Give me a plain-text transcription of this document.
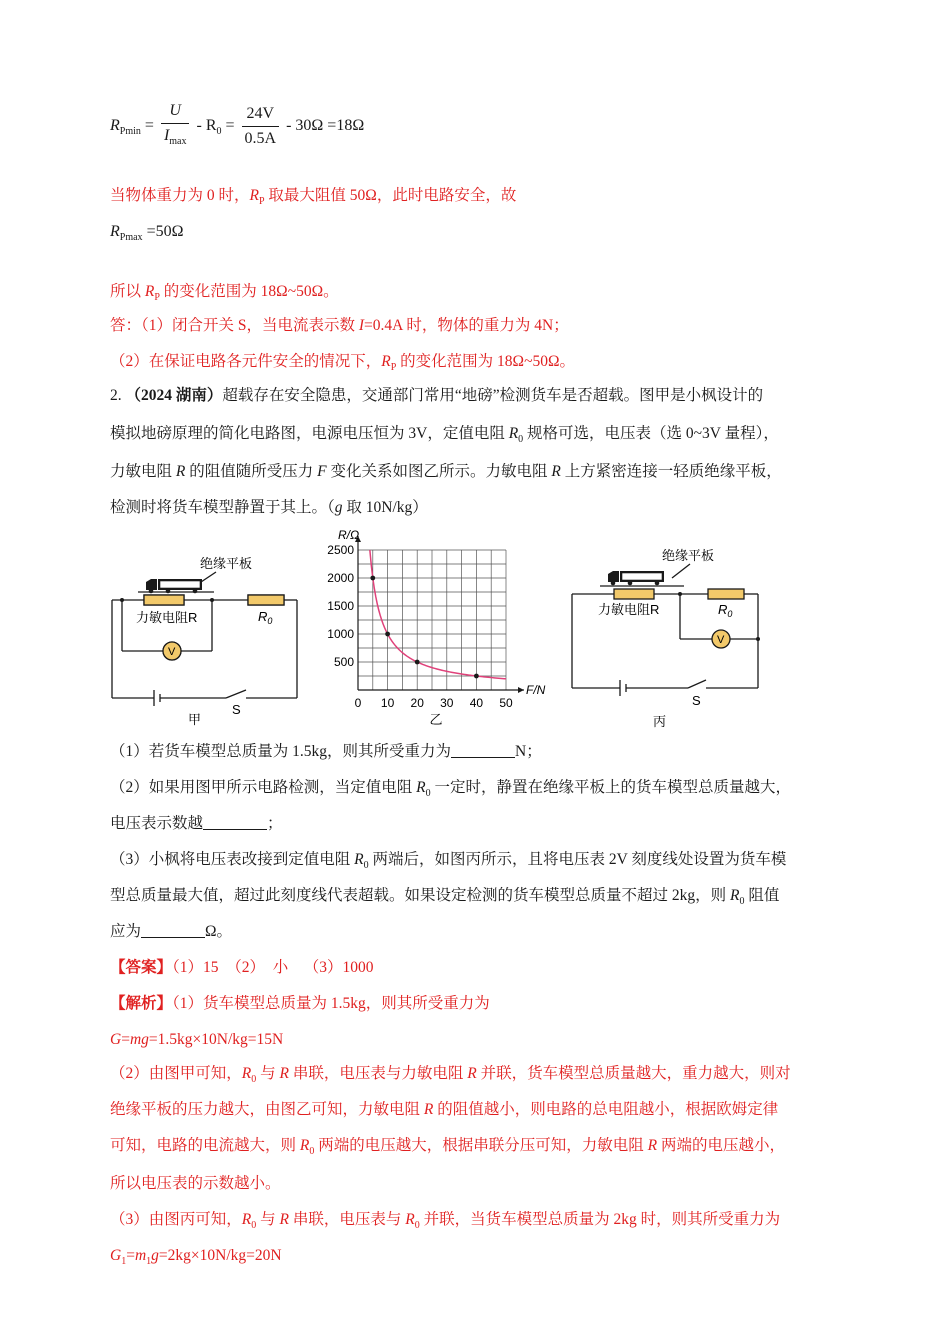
$R_{Pmin} = \frac{U}{I_{max}} - R_0 = \frac{24V}{0.5A} - 30\Omega =18\Omega$
当物体重力为 0 时，$R_P$ 取最大阻值 50Ω，此时电路安全，故
$R_{Pmax} =50\Omega$
所以 $R_P$ 的变化范围为 18Ω~50Ω。
答：（1）闭合开关 S，当电流表示数 I=0.4A 时，物体的重力为 4N；
（2）在保证电路各元件安全的情况下，$R_P$ 的变化范围为 18Ω~50Ω。
2. （2024 湖南）超载存在安全隐患，交通部门常用“地磅”检测货车是否超载。图甲是小枫设计的
模拟地磅原理的简化电路图，电源电压恒为 3V，定值电阻 $R_0$ 规格可选，电压表（选 0~3V 量程），
力敏电阻 R 的阻值随所受压力 F 变化关系如图乙所示。力敏电阻 R 上方紧密连接一轻质绝缘平板，
检测时将货车模型静置于其上。（g 取 10N/kg）
绝缘平板
力敏电阻R	$R_0$
V
S
甲
0 10 20 30 40 50
500
1000
1500
2000
2500
R/Ω
F/N
乙
绝缘平板
力敏电阻R	$R_0$
V
S
丙
（1）若货车模型总质量为 1.5kg，则其所受重力为	N；
（2）如果用图甲所示电路检测，当定值电阻 $R_0$ 一定时，静置在绝缘平板上的货车模型总质量越大，
电压表示数越	；
（3）小枫将电压表改接到定值电阻 $R_0$ 两端后，如图丙所示，且将电压表 2V 刻度线处设置为货车模
型总质量最大值，超过此刻度线代表超载。如果设定检测的货车模型总质量不超过 2kg，则 $R_0$ 阻值
应为	Ω。
【答案】（1）15  （2）  小    （3）1000
【解析】（1）货车模型总质量为 1.5kg，则其所受重力为
G=mg=1.5kg×10N/kg=15N
（2）由图甲可知，$R_0$ 与 R 串联，电压表与力敏电阻 R 并联，货车模型总质量越大，重力越大，则对
绝缘平板的压力越大，由图乙可知，力敏电阻 R 的阻值越小，则电路的总电阻越小，根据欧姆定律
可知，电路的电流越大，则 $R_0$ 两端的电压越大，根据串联分压可知，力敏电阻 R 两端的电压越小，
所以电压表的示数越小。
（3）由图丙可知，$R_0$ 与 R 串联，电压表与 $R_0$ 并联，当货车模型总质量为 2kg 时，则其所受重力为
$G_1=m_1g=2kg\times 10N/kg=20N$
